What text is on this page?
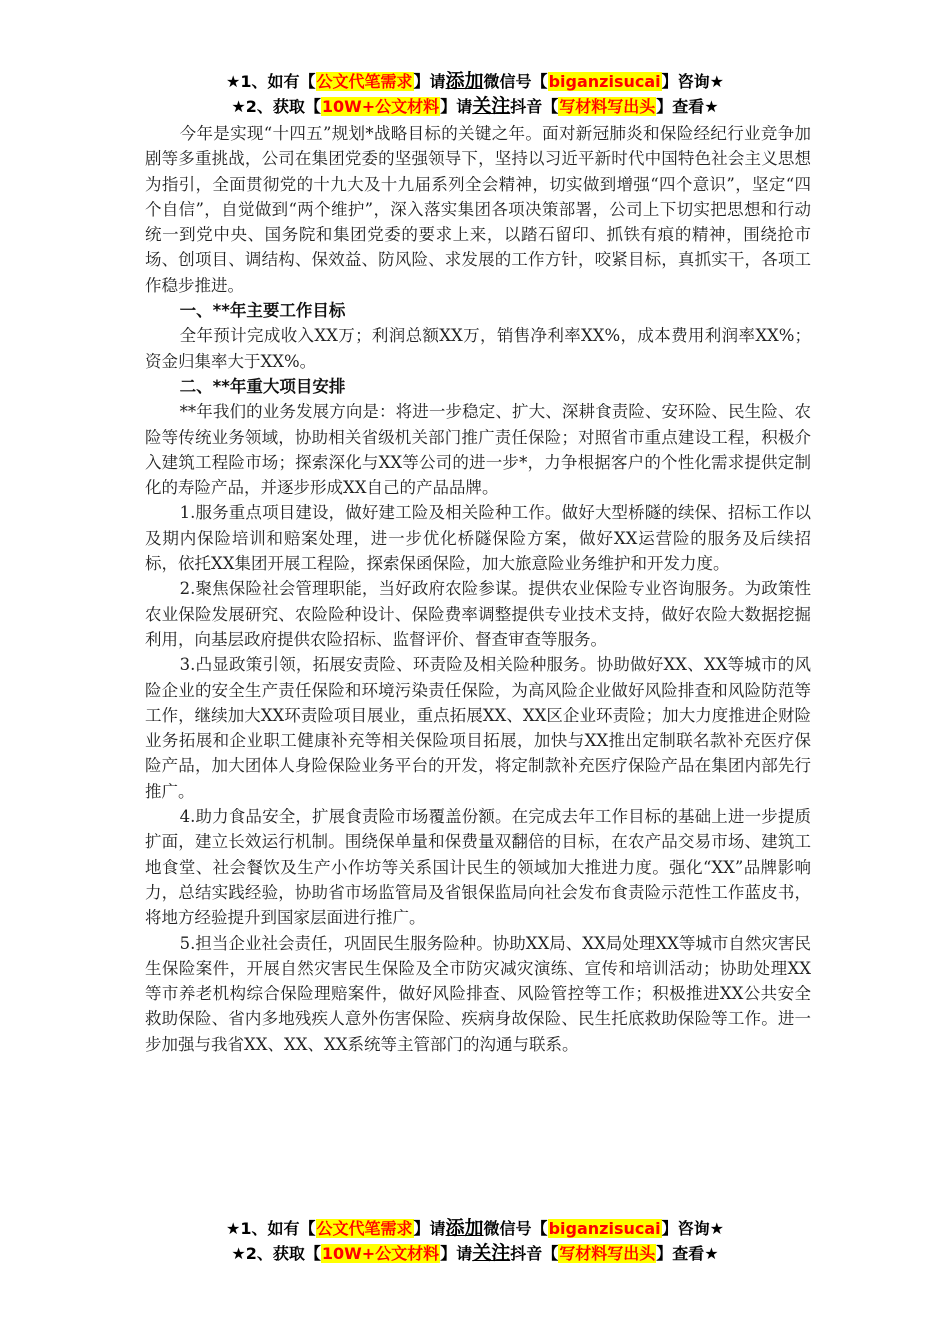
★1、如有【公文代笔需求】请添加微信号【biganzisucai】咨询★
★2、获取【10W+公文材料】请关注抖音【写材料写出头】查看★

今年是实现“十四五”规划*战略目标的关键之年。面对新冠肺炎和保险经纪行业竞争加剧等多重挑战，公司在集团党委的坚强领导下，坚持以习近平新时代中国特色社会主义思想为指引，全面贯彻党的十九大及十九届系列全会精神，切实做到增强“四个意识”，坚定“四个自信”，自觉做到“两个维护”，深入落实集团各项决策部署，公司上下切实把思想和行动统一到党中央、国务院和集团党委的要求上来，以踏石留印、抓铁有痕的精神，围绕抢市场、创项目、调结构、保效益、防风险、求发展的工作方针，咬紧目标，真抓实干，各项工作稳步推进。

一、**年主要工作目标

全年预计完成收入XX万；利润总额XX万，销售净利率XX%，成本费用利润率XX%；资金归集率大于XX%。

二、**年重大项目安排

**年我们的业务发展方向是：将进一步稳定、扩大、深耕食责险、安环险、民生险、农险等传统业务领域，协助相关省级机关部门推广责任保险；对照省市重点建设工程，积极介入建筑工程险市场；探索深化与XX等公司的进一步*，力争根据客户的个性化需求提供定制化的寿险产品，并逐步形成XX自己的产品品牌。

1.服务重点项目建设，做好建工险及相关险种工作。做好大型桥隧的续保、招标工作以及期内保险培训和赔案处理，进一步优化桥隧保险方案，做好XX运营险的服务及后续招标，依托XX集团开展工程险，探索保函保险，加大旅意险业务维护和开发力度。

2.聚焦保险社会管理职能，当好政府农险参谋。提供农业保险专业咨询服务。为政策性农业保险发展研究、农险险种设计、保险费率调整提供专业技术支持，做好农险大数据挖掘利用，向基层政府提供农险招标、监督评价、督查审查等服务。

3.凸显政策引领，拓展安责险、环责险及相关险种服务。协助做好XX、XX等城市的风险企业的安全生产责任保险和环境污染责任保险，为高风险企业做好风险排查和风险防范等工作，继续加大XX环责险项目展业，重点拓展XX、XX区企业环责险；加大力度推进企财险业务拓展和企业职工健康补充等相关保险项目拓展，加快与XX推出定制联名款补充医疗保险产品，加大团体人身险保险业务平台的开发，将定制款补充医疗保险产品在集团内部先行推广。

4.助力食品安全，扩展食责险市场覆盖份额。在完成去年工作目标的基础上进一步提质扩面，建立长效运行机制。围绕保单量和保费量双翻倍的目标，在农产品交易市场、建筑工地食堂、社会餐饮及生产小作坊等关系国计民生的领域加大推进力度。强化“XX”品牌影响力，总结实践经验，协助省市场监管局及省银保监局向社会发布食责险示范性工作蓝皮书，将地方经验提升到国家层面进行推广。

5.担当企业社会责任，巩固民生服务险种。协助XX局、XX局处理XX等城市自然灾害民生保险案件，开展自然灾害民生保险及全市防灾减灾演练、宣传和培训活动；协助处理XX等市养老机构综合保险理赔案件，做好风险排查、风险管控等工作；积极推进XX公共安全救助保险、省内多地残疾人意外伤害保险、疾病身故保险、民生托底救助保险等工作。进一步加强与我省XX、XX、XX系统等主管部门的沟通与联系。

★1、如有【公文代笔需求】请添加微信号【biganzisucai】咨询★
★2、获取【10W+公文材料】请关注抖音【写材料写出头】查看★
